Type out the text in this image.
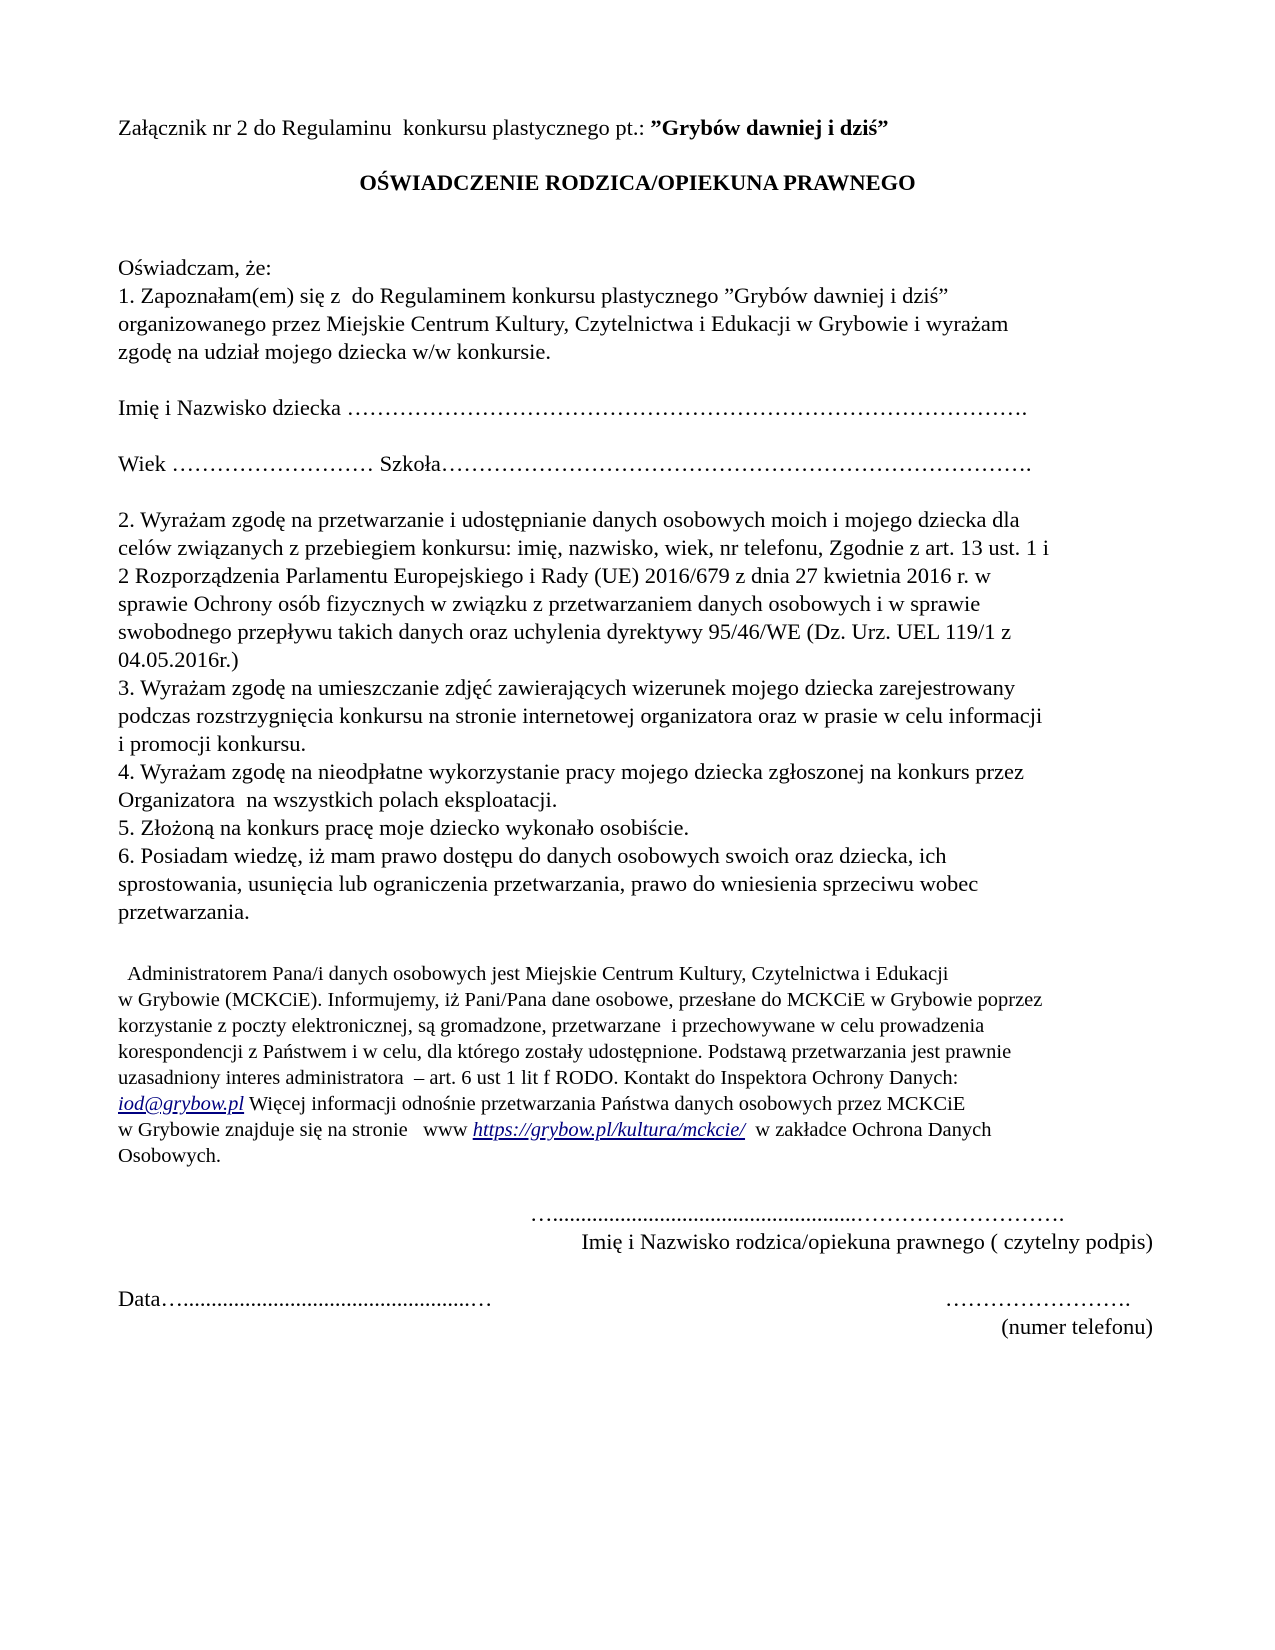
Załącznik nr 2 do Regulaminu  konkursu plastycznego pt.: ”Grybów dawniej i dziś”
OŚWIADCZENIE RODZICA/OPIEKUNA PRAWNEGO
Oświadczam, że:
1. Zapoznałam(em) się z  do Regulaminem konkursu plastycznego ”Grybów dawniej i dziś”
organizowanego przez Miejskie Centrum Kultury, Czytelnictwa i Edukacji w Grybowie i wyrażam
zgodę na udział mojego dziecka w/w konkursie.
Imię i Nazwisko dziecka ……………………………………………………………………………….
Wiek ……………………… Szkoła…………………………………………………………………….
2. Wyrażam zgodę na przetwarzanie i udostępnianie danych osobowych moich i mojego dziecka dla
celów związanych z przebiegiem konkursu: imię, nazwisko, wiek, nr telefonu, Zgodnie z art. 13 ust. 1 i
2 Rozporządzenia Parlamentu Europejskiego i Rady (UE) 2016/679 z dnia 27 kwietnia 2016 r. w
sprawie Ochrony osób fizycznych w związku z przetwarzaniem danych osobowych i w sprawie
swobodnego przepływu takich danych oraz uchylenia dyrektywy 95/46/WE (Dz. Urz. UEL 119/1 z
04.05.2016r.)
3. Wyrażam zgodę na umieszczanie zdjęć zawierających wizerunek mojego dziecka zarejestrowany
podczas rozstrzygnięcia konkursu na stronie internetowej organizatora oraz w prasie w celu informacji
i promocji konkursu.
4. Wyrażam zgodę na nieodpłatne wykorzystanie pracy mojego dziecka zgłoszonej na konkurs przez
Organizatora  na wszystkich polach eksploatacji.
5. Złożoną na konkurs pracę moje dziecko wykonało osobiście.
6. Posiadam wiedzę, iż mam prawo dostępu do danych osobowych swoich oraz dziecka, ich
sprostowania, usunięcia lub ograniczenia przetwarzania, prawo do wniesienia sprzeciwu wobec
przetwarzania.
Administratorem Pana/i danych osobowych jest Miejskie Centrum Kultury, Czytelnictwa i Edukacji
w Grybowie (MCKCiE). Informujemy, iż Pani/Pana dane osobowe, przesłane do MCKCiE w Grybowie poprzez
korzystanie z poczty elektronicznej, są gromadzone, przetwarzane  i przechowywane w celu prowadzenia
korespondencji z Państwem i w celu, dla którego zostały udostępnione. Podstawą przetwarzania jest prawnie
uzasadniony interes administratora  – art. 6 ust 1 lit f RODO. Kontakt do Inspektora Ochrony Danych:
iod@grybow.pl Więcej informacji odnośnie przetwarzania Państwa danych osobowych przez MCKCiE
w Grybowie znajduje się na stronie   www https://grybow.pl/kultura/mckcie/  w zakładce Ochrona Danych
Osobowych.
…......................................................……………………….
Imię i Nazwisko rodzica/opiekuna prawnego ( czytelny podpis)
Data…...................................................…	…………………….
(numer telefonu)
